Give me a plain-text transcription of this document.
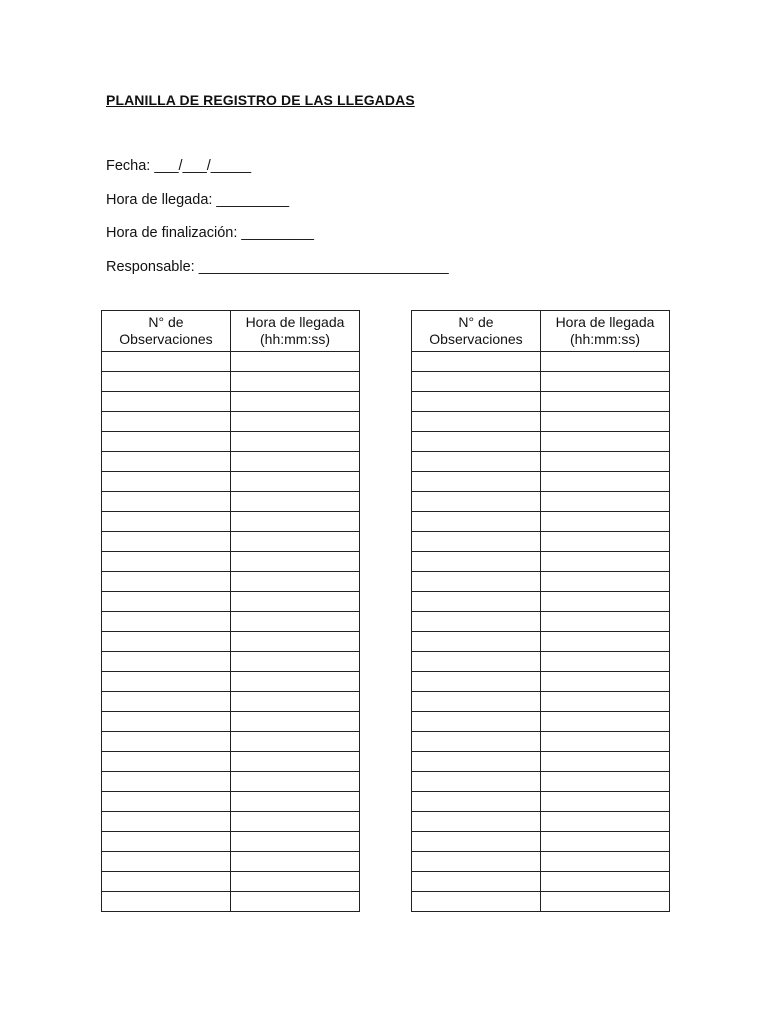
PLANILLA DE REGISTRO DE LAS LLEGADAS
Fecha: ___/___/_____
Hora de llegada: _________
Hora de finalización: _________
Responsable: _______________________________
N° de
Observaciones	Hora de llegada
(hh:mm:ss)

N° de
Observaciones	Hora de llegada
(hh:mm:ss)
